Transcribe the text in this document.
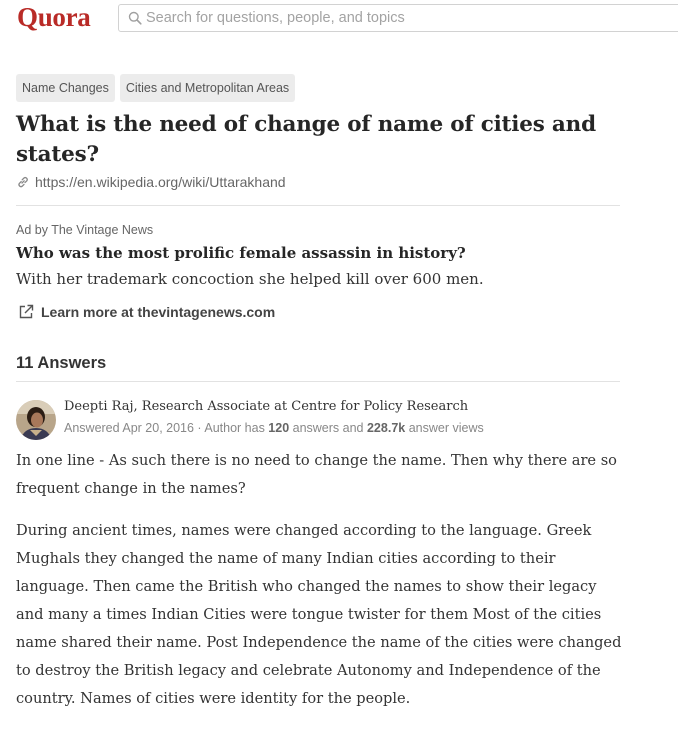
Quora
Search for questions, people, and topics
Name Changes	Cities and Metropolitan Areas
What is the need of change of name of cities and states?
https://en.wikipedia.org/wiki/Uttarakhand
Ad by The Vintage News
Who was the most prolific female assassin in history?
With her trademark concoction she helped kill over 600 men.
Learn more at thevintagenews.com
11 Answers
Deepti Raj, Research Associate at Centre for Policy Research
Answered Apr 20, 2016 · Author has 120 answers and 228.7k answer views

In one line - As such there is no need to change the name. Then why there are so frequent change in the names?

During ancient times, names were changed according to the language. Greek Mughals they changed the name of many Indian cities according to their language. Then came the British who changed the names to show their legacy and many a times Indian Cities were tongue twister for them Most of the cities name shared their name. Post Independence the name of the cities were changed to destroy the British legacy and celebrate Autonomy and Independence of the country. Names of cities were identity for the people.
